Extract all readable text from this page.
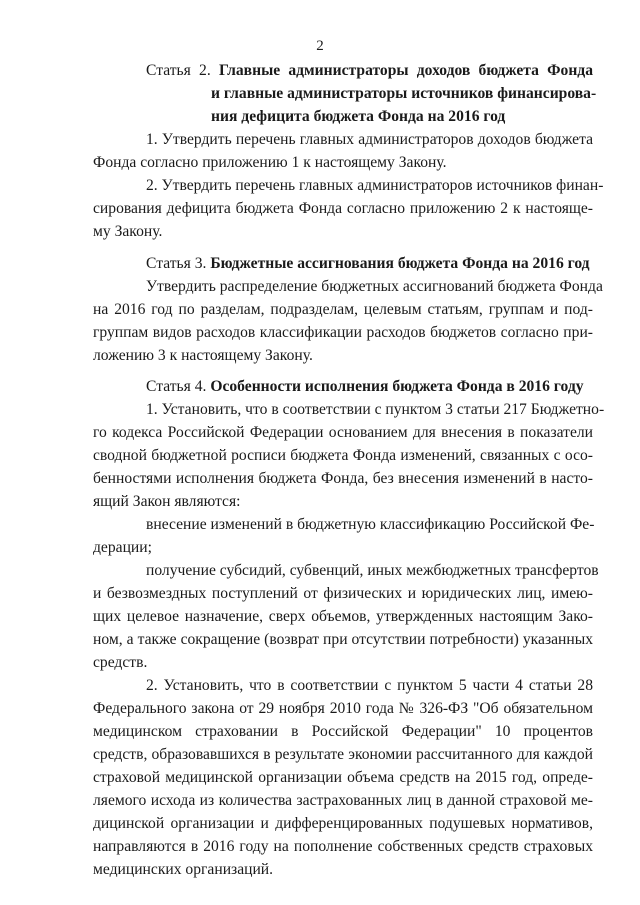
2
Статья 2. Главные администраторы доходов бюджета Фонда
и главные администраторы источников финансирова-
ния дефицита бюджета Фонда на 2016 год
1. Утвердить перечень главных администраторов доходов бюджета
Фонда согласно приложению 1 к настоящему Закону.
2. Утвердить перечень главных администраторов источников финан-
сирования дефицита бюджета Фонда согласно приложению 2 к настояще-
му Закону.
Статья 3. Бюджетные ассигнования бюджета Фонда на 2016 год
Утвердить распределение бюджетных ассигнований бюджета Фонда
на 2016 год по разделам, подразделам, целевым статьям, группам и под-
группам видов расходов классификации расходов бюджетов согласно при-
ложению 3 к настоящему Закону.
Статья 4. Особенности исполнения бюджета Фонда в 2016 году
1. Установить, что в соответствии с пунктом 3 статьи 217 Бюджетно-
го кодекса Российской Федерации основанием для внесения в показатели
сводной бюджетной росписи бюджета Фонда изменений, связанных с осо-
бенностями исполнения бюджета Фонда, без внесения изменений в насто-
ящий Закон являются:
внесение изменений в бюджетную классификацию Российской Фе-
дерации;
получение субсидий, субвенций, иных межбюджетных трансфертов
и безвозмездных поступлений от физических и юридических лиц, имею-
щих целевое назначение, сверх объемов, утвержденных настоящим Зако-
ном, а также сокращение (возврат при отсутствии потребности) указанных
средств.
2. Установить, что в соответствии с пунктом 5 части 4 статьи 28
Федерального закона от 29 ноября 2010 года № 326-ФЗ "Об обязательном
медицинском страховании в Российской Федерации" 10 процентов
средств, образовавшихся в результате экономии рассчитанного для каждой
страховой медицинской организации объема средств на 2015 год, опреде-
ляемого исхода из количества застрахованных лиц в данной страховой ме-
дицинской организации и дифференцированных подушевых нормативов,
направляются в 2016 году на пополнение собственных средств страховых
медицинских организаций.
